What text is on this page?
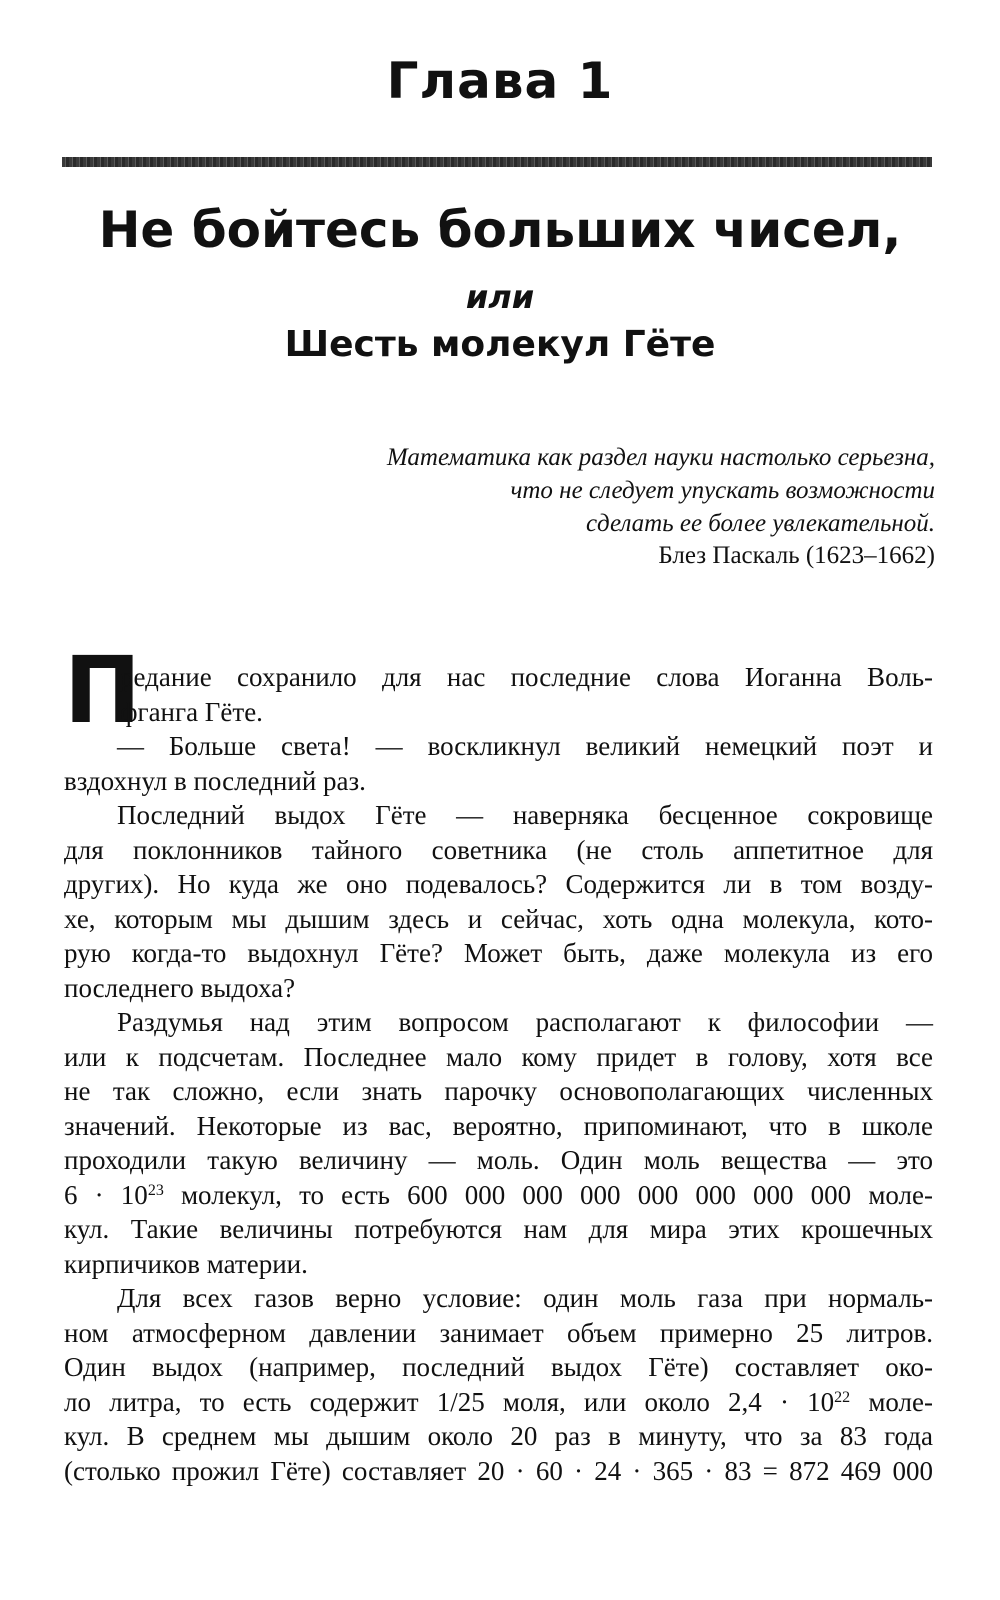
Глава 1
Не бойтесь больших чисел,
или
Шесть молекул Гёте
Математика как раздел науки настолько серьезна,
что не следует упускать возможности
сделать ее более увлекательной.
Блез Паскаль (1623–1662)
П
редание сохранило для нас последние слова Иоганна Воль-
фганга Гёте.
— Больше света! — воскликнул великий немецкий поэт и
вздохнул в последний раз.
Последний выдох Гёте — наверняка бесценное сокровище
для поклонников тайного советника (не столь аппетитное для
других). Но куда же оно подевалось? Содержится ли в том возду-
хе, которым мы дышим здесь и сейчас, хоть одна молекула, кото-
рую когда-то выдохнул Гёте? Может быть, даже молекула из его
последнего выдоха?
Раздумья над этим вопросом располагают к философии —
или к подсчетам. Последнее мало кому придет в голову, хотя все
не так сложно, если знать парочку основополагающих численных
значений. Некоторые из вас, вероятно, припоминают, что в школе
проходили такую величину — моль. Один моль вещества — это
$6 \cdot 10^{23}$ молекул, то есть 600 000 000 000 000 000 000 000 моле-
кул. Такие величины потребуются нам для мира этих крошечных
кирпичиков материи.
Для всех газов верно условие: один моль газа при нормаль-
ном атмосферном давлении занимает объем примерно 25 литров.
Один выдох (например, последний выдох Гёте) составляет око-
ло литра, то есть содержит 1/25 моля, или около $2,4 \cdot 10^{22}$ моле-
кул. В среднем мы дышим около 20 раз в минуту, что за 83 года
(столько прожил Гёте) составляет 20 · 60 · 24 · 365 · 83 = 872 469 000
